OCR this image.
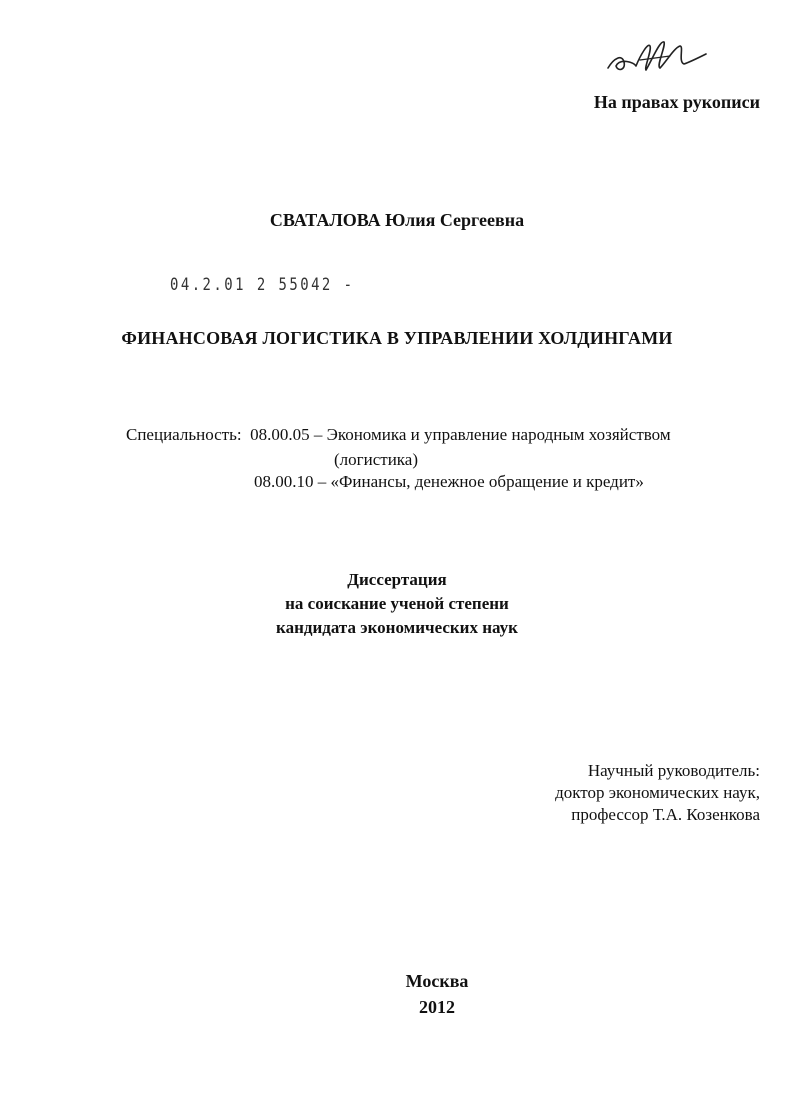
На правах рукописи
СВАТАЛОВА Юлия Сергеевна
04.2.01 2 55042 -
ФИНАНСОВАЯ ЛОГИСТИКА В УПРАВЛЕНИИ ХОЛДИНГАМИ
Специальность: 08.00.05 – Экономика и управление народным хозяйством
(логистика)
08.00.10 – «Финансы, денежное обращение и кредит»
Диссертация
на соискание ученой степени
кандидата экономических наук
Научный руководитель:
доктор экономических наук,
профессор Т.А. Козенкова
Москва
2012
